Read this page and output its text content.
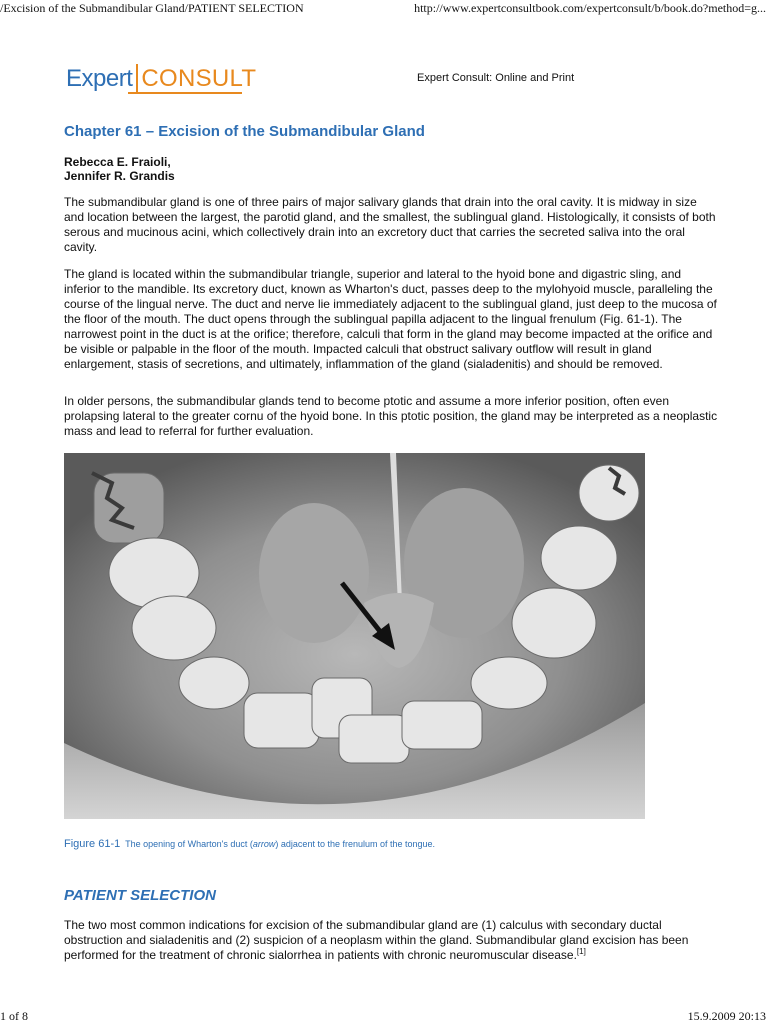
/Excision of the Submandibular Gland/PATIENT SELECTION	http://www.expertconsultbook.com/expertconsult/b/book.do?method=g...
Expert CONSULT	Expert Consult: Online and Print
Chapter 61 – Excision of the Submandibular Gland
Rebecca E. Fraioli,
Jennifer R. Grandis

The submandibular gland is one of three pairs of major salivary glands that drain into the oral cavity. It is midway in size and location between the largest, the parotid gland, and the smallest, the sublingual gland. Histologically, it consists of both serous and mucinous acini, which collectively drain into an excretory duct that carries the secreted saliva into the oral cavity.

The gland is located within the submandibular triangle, superior and lateral to the hyoid bone and digastric sling, and inferior to the mandible. Its excretory duct, known as Wharton's duct, passes deep to the mylohyoid muscle, paralleling the course of the lingual nerve. The duct and nerve lie immediately adjacent to the sublingual gland, just deep to the mucosa of the floor of the mouth. The duct opens through the sublingual papilla adjacent to the lingual frenulum (Fig. 61-1). The narrowest point in the duct is at the orifice; therefore, calculi that form in the gland may become impacted at the orifice and be visible or palpable in the floor of the mouth. Impacted calculi that obstruct salivary outflow will result in gland enlargement, stasis of secretions, and ultimately, inflammation of the gland (sialadenitis) and should be removed.

In older persons, the submandibular glands tend to become ptotic and assume a more inferior position, often even prolapsing lateral to the greater cornu of the hyoid bone. In this ptotic position, the gland may be interpreted as a neoplastic mass and lead to referral for further evaluation.

Figure 61-1 The opening of Wharton's duct (arrow) adjacent to the frenulum of the tongue.
PATIENT SELECTION

The two most common indications for excision of the submandibular gland are (1) calculus with secondary ductal obstruction and sialadenitis and (2) suspicion of a neoplasm within the gland. Submandibular gland excision has been performed for the treatment of chronic sialorrhea in patients with chronic neuromuscular disease.[1]

1 of 8	15.9.2009 20:13
